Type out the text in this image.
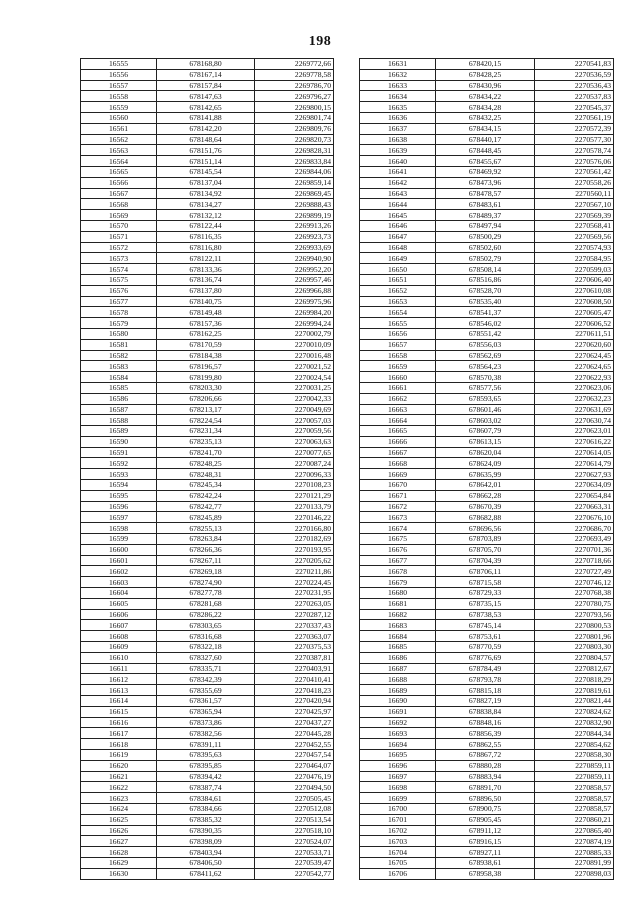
198
16555	678168,80	2269772,66
16556	678167,14	2269778,58
16557	678157,84	2269786,70
16558	678147,63	2269796,27
16559	678142,65	2269800,15
16560	678141,88	2269801,74
16561	678142,20	2269809,76
16562	678148,64	2269820,73
16563	678151,76	2269828,31
16564	678151,14	2269833,84
16565	678145,54	2269844,06
16566	678137,04	2269859,14
16567	678134,92	2269869,45
16568	678134,27	2269888,43
16569	678132,12	2269899,19
16570	678122,44	2269913,26
16571	678116,35	2269923,73
16572	678116,80	2269933,69
16573	678122,11	2269940,90
16574	678133,36	2269952,20
16575	678136,74	2269957,46
16576	678137,80	2269966,88
16577	678140,75	2269975,96
16578	678149,48	2269984,20
16579	678157,36	2269994,24
16580	678162,25	2270002,79
16581	678170,59	2270010,09
16582	678184,38	2270016,48
16583	678196,57	2270021,52
16584	678199,80	2270024,54
16585	678203,30	2270031,25
16586	678206,66	2270042,33
16587	678213,17	2270049,69
16588	678224,54	2270057,03
16589	678231,34	2270059,56
16590	678235,13	2270063,63
16591	678241,70	2270077,65
16592	678248,25	2270087,24
16593	678248,31	2270096,33
16594	678245,34	2270108,23
16595	678242,24	2270121,29
16596	678242,77	2270133,79
16597	678245,89	2270146,22
16598	678255,13	2270166,80
16599	678263,84	2270182,69
16600	678266,36	2270193,95
16601	678267,11	2270205,62
16602	678269,18	2270211,86
16603	678274,90	2270224,45
16604	678277,78	2270231,95
16605	678281,68	2270263,05
16606	678286,22	2270287,12
16607	678303,65	2270337,43
16608	678316,68	2270363,07
16609	678322,18	2270375,53
16610	678327,60	2270387,81
16611	678335,71	2270403,91
16612	678342,39	2270410,41
16613	678355,69	2270418,23
16614	678361,57	2270420,94
16615	678365,94	2270425,97
16616	678373,86	2270437,27
16617	678382,56	2270445,28
16618	678391,11	2270452,55
16619	678395,63	2270457,54
16620	678395,85	2270464,07
16621	678394,42	2270476,19
16622	678387,74	2270494,50
16623	678384,61	2270505,45
16624	678384,66	2270512,08
16625	678385,32	2270513,54
16626	678390,35	2270518,10
16627	678398,09	2270524,07
16628	678403,94	2270533,71
16629	678406,50	2270539,47
16630	678411,62	2270542,77
16631	678420,15	2270541,83
16632	678428,25	2270536,59
16633	678430,96	2270536,43
16634	678434,22	2270537,83
16635	678434,28	2270545,37
16636	678432,25	2270561,19
16637	678434,15	2270572,39
16638	678440,17	2270577,30
16639	678448,45	2270578,74
16640	678455,67	2270576,06
16641	678469,92	2270561,42
16642	678473,96	2270558,26
16643	678478,57	2270560,11
16644	678483,61	2270567,10
16645	678489,37	2270569,39
16646	678497,94	2270568,41
16647	678500,29	2270569,56
16648	678502,60	2270574,93
16649	678502,79	2270584,95
16650	678508,14	2270599,03
16651	678516,86	2270606,40
16652	678528,70	2270610,08
16653	678535,40	2270608,50
16654	678541,37	2270605,47
16655	678546,02	2270606,52
16656	678551,42	2270611,51
16657	678556,03	2270620,60
16658	678562,69	2270624,45
16659	678564,23	2270624,65
16660	678570,38	2270622,93
16661	678577,56	2270623,06
16662	678593,65	2270632,23
16663	678601,46	2270631,69
16664	678603,02	2270630,74
16665	678607,79	2270623,01
16666	678613,15	2270616,22
16667	678620,04	2270614,05
16668	678624,09	2270614,79
16669	678635,99	2270627,93
16670	678642,01	2270634,09
16671	678662,28	2270654,84
16672	678670,39	2270663,31
16673	678682,88	2270676,10
16674	678696,56	2270686,70
16675	678703,89	2270693,49
16676	678705,70	2270701,36
16677	678704,39	2270718,66
16678	678706,11	2270727,49
16679	678715,58	2270746,12
16680	678729,33	2270768,38
16681	678735,15	2270780,75
16682	678738,53	2270793,56
16683	678745,14	2270800,53
16684	678753,61	2270801,96
16685	678770,59	2270803,30
16686	678776,69	2270804,57
16687	678784,49	2270812,67
16688	678793,78	2270818,29
16689	678815,18	2270819,61
16690	678827,19	2270821,44
16691	678838,84	2270824,62
16692	678848,16	2270832,90
16693	678856,39	2270844,34
16694	678862,55	2270854,62
16695	678867,72	2270858,30
16696	678880,28	2270859,11
16697	678883,94	2270859,11
16698	678891,70	2270858,57
16699	678896,50	2270858,57
16700	678900,75	2270858,57
16701	678905,45	2270860,21
16702	678911,12	2270865,40
16703	678916,15	2270874,19
16704	678927,11	2270885,33
16705	678938,61	2270891,99
16706	678958,38	2270898,03
